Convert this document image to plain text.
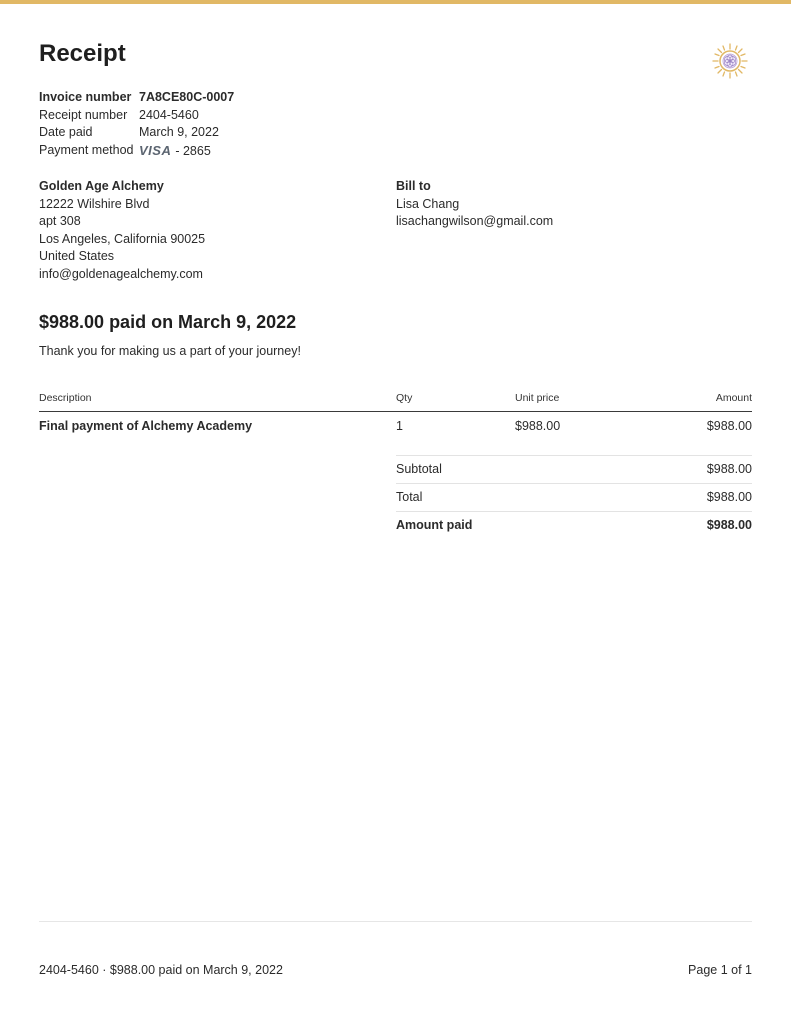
Receipt
Invoice number 7A8CE80C-0007
Receipt number 2404-5460
Date paid	March 9, 2022
Payment method VISA - 2865
Golden Age Alchemy
12222 Wilshire Blvd
apt 308
Los Angeles, California 90025
United States
info@goldenagealchemy.com
Bill to
Lisa Chang
lisachangwilson@gmail.com
$988.00 paid on March 9, 2022
Thank you for making us a part of your journey!
Description	Qty	Unit price	Amount
Final payment of Alchemy Academy	1	$988.00	$988.00
Subtotal	$988.00
Total	$988.00
Amount paid	$988.00
2404-5460 · $988.00 paid on March 9, 2022	Page 1 of 1
